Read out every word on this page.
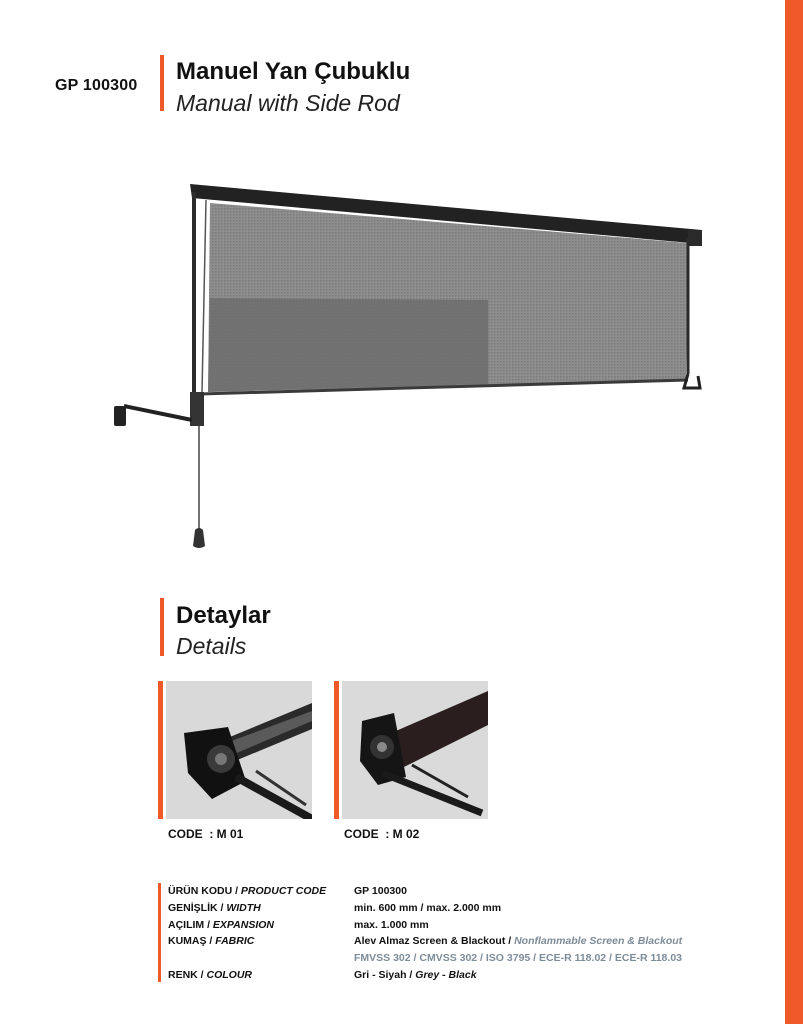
GP 100300
Manuel Yan Çubuklu
Manual with Side Rod
Detaylar
Details
CODE : M 01	CODE : M 02
ÜRÜN KODU / PRODUCT CODE	GP 100300
GENİŞLİK / WIDTH	min. 600 mm / max. 2.000 mm
AÇILIM / EXPANSION	max. 1.000 mm
KUMAŞ / FABRIC	Alev Almaz Screen & Blackout / Nonflammable Screen & Blackout
FMVSS 302 / CMVSS 302 / ISO 3795 / ECE-R 118.02 / ECE-R 118.03
RENK / COLOUR	Gri - Siyah / Grey - Black
